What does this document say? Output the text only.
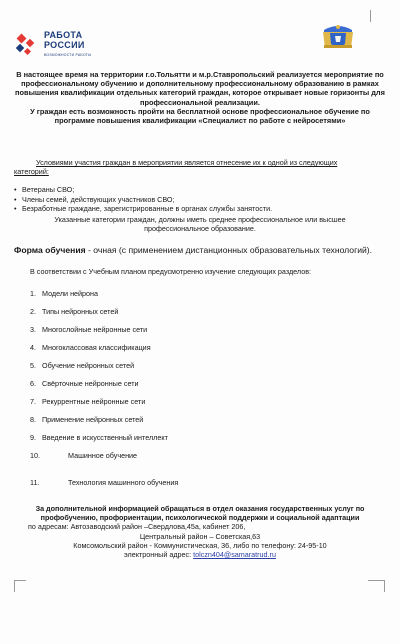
РАБОТА
РОССИИ
ВОЗМОЖНОСТИ РАБОТЫ

В настоящее время на территории г.о.Тольятти и м.р.Ставропольский реализуется мероприятие по

профессиональному обучению и дополнительному профессиональному образованию в рамках

повышения квалификации отдельных категорий граждан, которое открывает новые горизонты для

профессиональной реализации.

У граждан есть возможность пройти на бесплатной основе профессиональное обучение по

программе повышения квалификации «Специалист по работе с нейросетями»

Условиями участия граждан в мероприятии является отнесение их к одной из следующих
категорий:
• Ветераны СВО;
• Члены семей, действующих участников СВО;
• Безработные граждане, зарегистрированные в органах службы занятости.
Указанные категории граждан, должны иметь среднее профессиональное или высшее профессиональное образование.
Форма обучения - очная (с применением дистанционных образовательных технологий).
В соответствии с Учебным планом предусмотренно изучение следующих разделов:
1. Модели нейрона
2. Типы нейронных сетей
3. Многослойные нейронные сети
4. Многоклассовая классификация
5. Обучение нейронных сетей
6. Свёрточные нейронные сети
7. Рекуррентные нейронные сети
8. Применение нейронных сетей
9. Введение в искусственный интеллект
10.	Машинное обучение
За дополнительной информацией обращаться в отдел оказания государственных услуг по
профобучению, профориентации, психологической поддержки и социальной адаптации
по адресам: Автозаводский район –Свердлова,45а, кабинет 206,
Центральный район – Советская,63
Комсомольский район - Коммунистическая, 36, либо по телефону: 24-95-10
электронный адрес: tolczn404@samaratrud.ru
11.	Технология машинного обучения
